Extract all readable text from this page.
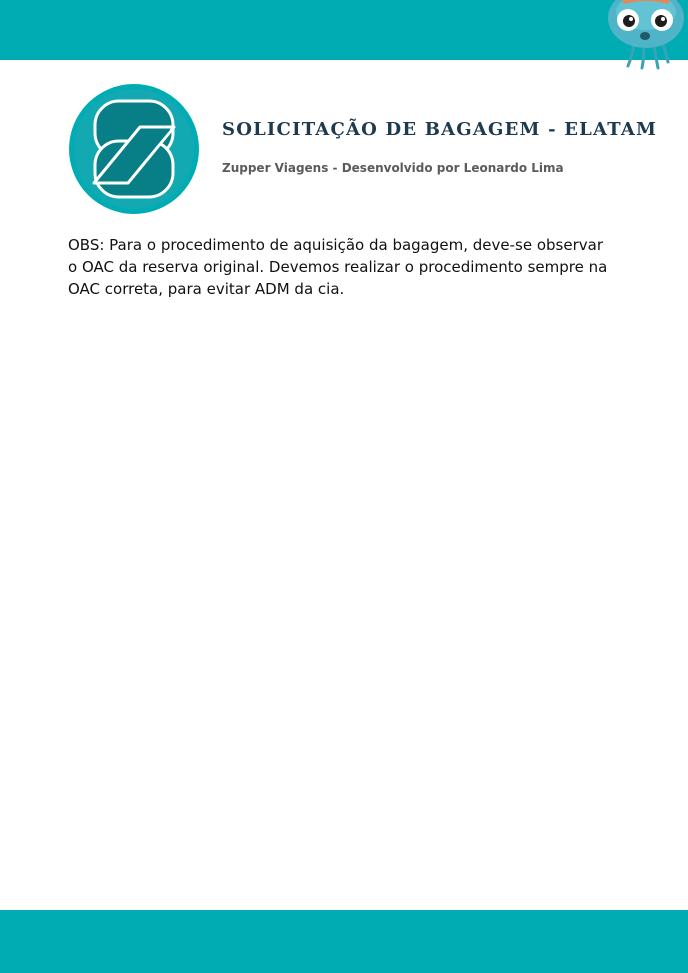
SOLICITAÇÃO DE BAGAGEM - ELATAM

Zupper Viagens - Desenvolvido por Leonardo Lima

OBS: Para o procedimento de aquisição da bagagem, deve-se observar o OAC da reserva original. Devemos realizar o procedimento sempre na OAC correta, para evitar ADM da cia.
